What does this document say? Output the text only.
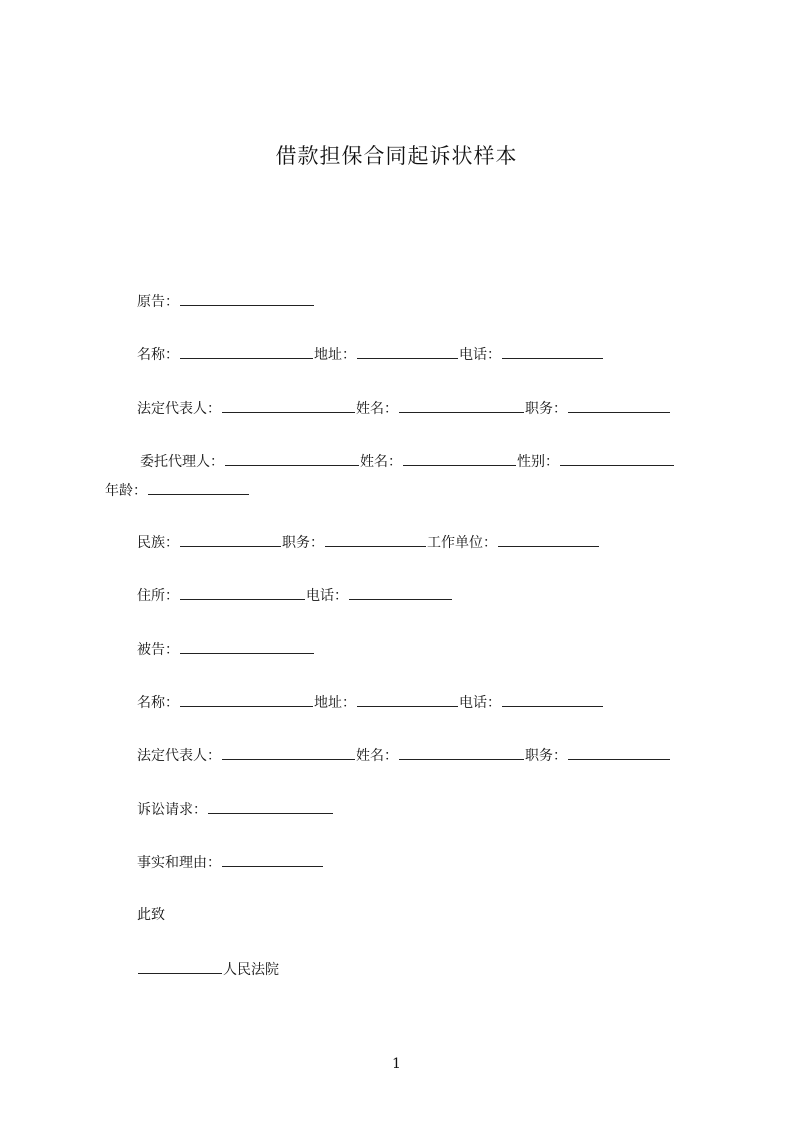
借款担保合同起诉状样本
原告：
名称：	地址：	电话：
法定代表人：	姓名：	职务：
委托代理人：	姓名：	性别：
年龄：
民族：	职务：	工作单位：
住所：	电话：
被告：
名称：	地址：	电话：
法定代表人：	姓名：	职务：
诉讼请求：
事实和理由：
此致
人民法院
1
